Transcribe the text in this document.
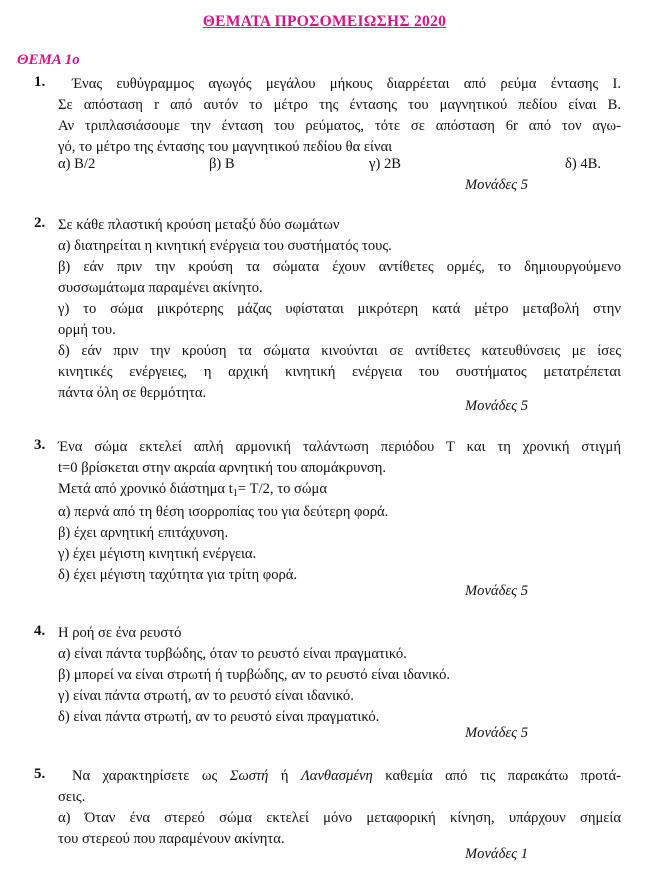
ΘΕΜΑΤΑ ΠΡΟΣΟΜΕΙΩΣΗΣ 2020
ΘΕΜΑ 1ο
1. Ένας ευθύγραμμος αγωγός μεγάλου μήκους διαρρέεται από ρεύμα έντασης Ι.
Σε απόσταση r από αυτόν το μέτρο της έντασης του μαγνητικού πεδίου είναι Β.
Αν τριπλασιάσουμε την ένταση του ρεύματος, τότε σε απόσταση 6r από τον αγω-
γό, το μέτρο της έντασης του μαγνητικού πεδίου θα είναι
α) Β/2	β) Β	γ) 2Β	δ) 4Β.
Μονάδες 5
2. Σε κάθε πλαστική κρούση μεταξύ δύο σωμάτων
α) διατηρείται η κινητική ενέργεια του συστήματός τους.
β) εάν πριν την κρούση τα σώματα έχουν αντίθετες ορμές, το δημιουργούμενο
συσσωμάτωμα παραμένει ακίνητο.
γ) το σώμα μικρότερης μάζας υφίσταται μικρότερη κατά μέτρο μεταβολή στην
ορμή του.
δ) εάν πριν την κρούση τα σώματα κινούνται σε αντίθετες κατευθύνσεις με ίσες
κινητικές ενέργειες, η αρχική κινητική ενέργεια του συστήματος μετατρέπεται
πάντα όλη σε θερμότητα.
Μονάδες 5
3. Ένα σώμα εκτελεί απλή αρμονική ταλάντωση περιόδου Τ και τη χρονική στιγμή
t=0 βρίσκεται στην ακραία αρνητική του απομάκρυνση.
Μετά από χρονικό διάστημα $t_1= T/2$, το σώμα
α) περνά από τη θέση ισορροπίας του για δεύτερη φορά.
β) έχει αρνητική επιτάχυνση.
γ) έχει μέγιστη κινητική ενέργεια.
δ) έχει μέγιστη ταχύτητα για τρίτη φορά.
Μονάδες 5
4. Η ροή σε ένα ρευστό
α) είναι πάντα τυρβώδης, όταν το ρευστό είναι πραγματικό.
β) μπορεί να είναι στρωτή ή τυρβώδης, αν το ρευστό είναι ιδανικό.
γ) είναι πάντα στρωτή, αν το ρευστό είναι ιδανικό.
δ) είναι πάντα στρωτή, αν το ρευστό είναι πραγματικό.
Μονάδες 5
5. Να χαρακτηρίσετε ως Σωστή ή Λανθασμένη καθεμία από τις παρακάτω προτά-
σεις.
α) Όταν ένα στερεό σώμα εκτελεί μόνο μεταφορική κίνηση, υπάρχουν σημεία
του στερεού που παραμένουν ακίνητα.
Μονάδες 1
